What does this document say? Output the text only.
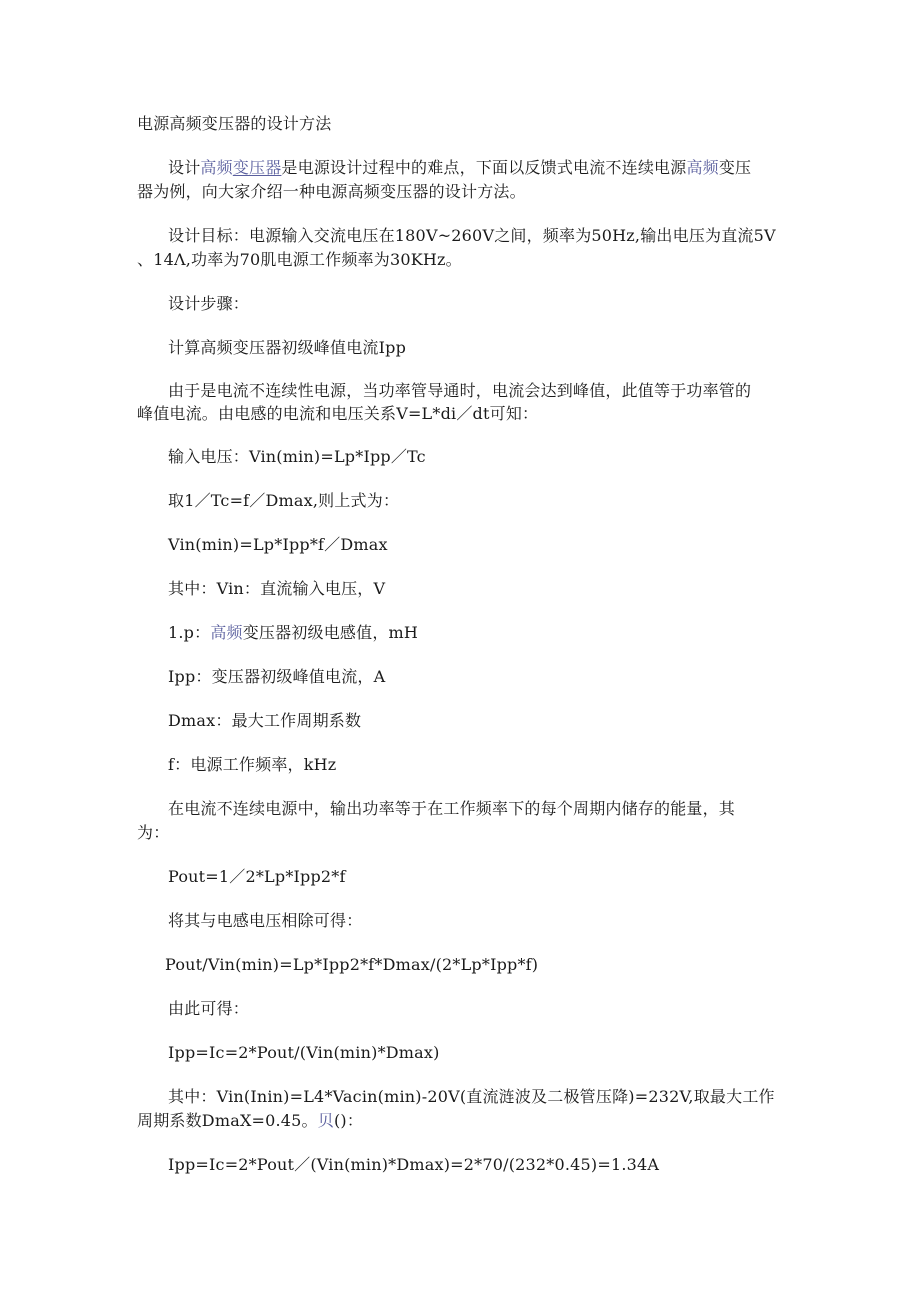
电源高频变压器的设计方法
设计高频变压器是电源设计过程中的难点，下面以反馈式电流不连续电源高频变压
器为例，向大家介绍一种电源高频变压器的设计方法。
设计目标：电源输入交流电压在180V~260V之间，频率为50Hz,输出电压为直流5V
、14Λ,功率为70肌电源工作频率为30KHz。
设计步骤：
计算高频变压器初级峰值电流Ipp
由于是电流不连续性电源，当功率管导通时，电流会达到峰值，此值等于功率管的
峰值电流。由电感的电流和电压关系V=L*di／dt可知：
输入电压：Vin(min)=Lp*Ipp／Tc
取1／Tc=f／Dmax,则上式为：
Vin(min)=Lp*Ipp*f／Dmax
其中：Vin：直流输入电压，V
1.p：高频变压器初级电感值，mH
Ipp：变压器初级峰值电流，A
Dmax：最大工作周期系数
f：电源工作频率，kHz
在电流不连续电源中，输出功率等于在工作频率下的每个周期内储存的能量，其
为：
Pout=1／2*Lp*Ipp2*f
将其与电感电压相除可得：
Pout/Vin(min)=Lp*Ipp2*f*Dmax/(2*Lp*Ipp*f)
由此可得：
Ipp=Ic=2*Pout/(Vin(min)*Dmax)
其中：Vin(Inin)=L4*Vacin(min)-20V(直流涟波及二极管压降)=232V,取最大工作
周期系数DmaX=0.45。贝()：
Ipp=Ic=2*Pout／(Vin(min)*Dmax)=2*70/(232*0.45)=1.34A
